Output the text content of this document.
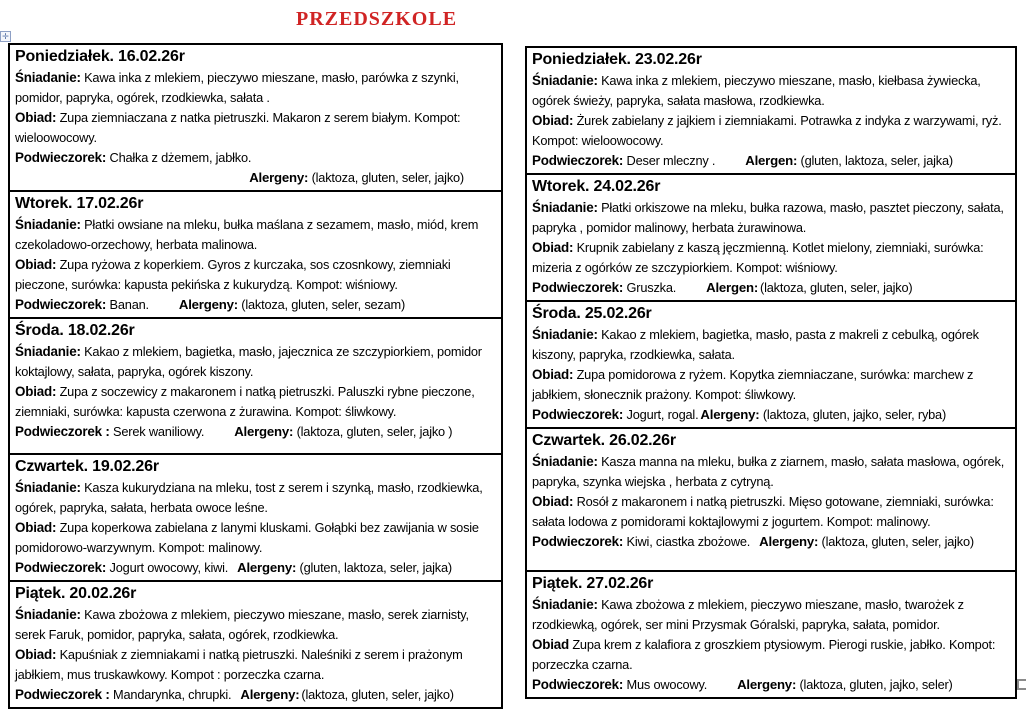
PRZEDSZKOLE
✛
Poniedziałek. 16.02.26r

Śniadanie: Kawa inka z mlekiem, pieczywo mieszane, masło, parówka z szynki, pomidor, papryka, ogórek, rzodkiewka, sałata .

Obiad: Zupa ziemniaczana z natka pietruszki. Makaron z serem białym. Kompot: wieloowocowy.

Podwieczorek: Chałka z dżemem, jabłko.

Alergeny: (laktoza, gluten, seler, jajko)

Wtorek. 17.02.26r

Śniadanie: Płatki owsiane na mleku, bułka maślana z sezamem, masło, miód, krem czekoladowo-orzechowy, herbata malinowa.

Obiad: Zupa ryżowa z koperkiem. Gyros z kurczaka, sos czosnkowy, ziemniaki pieczone, surówka: kapusta pekińska z kukurydzą. Kompot: wiśniowy.

Podwieczorek: Banan. Alergeny: (laktoza, gluten, seler, sezam)

Środa. 18.02.26r

Śniadanie: Kakao z mlekiem, bagietka, masło, jajecznica ze szczypiorkiem, pomidor koktajlowy, sałata, papryka, ogórek kiszony.

Obiad: Zupa z soczewicy z makaronem i natką pietruszki. Paluszki rybne pieczone, ziemniaki, surówka: kapusta czerwona z żurawina. Kompot: śliwkowy.

Podwieczorek : Serek waniliowy. Alergeny: (laktoza, gluten, seler, jajko )

Czwartek. 19.02.26r

Śniadanie: Kasza kukurydziana na mleku, tost z serem i szynką, masło, rzodkiewka, ogórek, papryka, sałata, herbata owoce leśne.

Obiad: Zupa koperkowa zabielana z lanymi kluskami. Gołąbki bez zawijania w sosie pomidorowo-warzywnym. Kompot: malinowy.

Podwieczorek: Jogurt owocowy, kiwi. Alergeny: (gluten, laktoza, seler, jajka)

Piątek. 20.02.26r

Śniadanie: Kawa zbożowa z mlekiem, pieczywo mieszane, masło, serek ziarnisty, serek Faruk, pomidor, papryka, sałata, ogórek, rzodkiewka.

Obiad: Kapuśniak z ziemniakami i natką pietruszki. Naleśniki z serem i prażonym jabłkiem, mus truskawkowy. Kompot : porzeczka czarna.

Podwieczorek : Mandarynka, chrupki. Alergeny: (laktoza, gluten, seler, jajko)

Poniedziałek. 23.02.26r

Śniadanie: Kawa inka z mlekiem, pieczywo mieszane, masło, kiełbasa żywiecka, ogórek świeży, papryka, sałata masłowa, rzodkiewka.

Obiad: Żurek zabielany z jajkiem i ziemniakami. Potrawka z indyka z warzywami, ryż. Kompot: wieloowocowy.

Podwieczorek: Deser mleczny . Alergen: (gluten, laktoza, seler, jajka)

Wtorek. 24.02.26r

Śniadanie: Płatki orkiszowe na mleku, bułka razowa, masło, pasztet pieczony, sałata, papryka , pomidor malinowy, herbata żurawinowa.

Obiad: Krupnik zabielany z kaszą jęczmienną. Kotlet mielony, ziemniaki, surówka: mizeria z ogórków ze szczypiorkiem. Kompot: wiśniowy.

Podwieczorek: Gruszka. Alergen: (laktoza, gluten, seler, jajko)

Środa. 25.02.26r

Śniadanie: Kakao z mlekiem, bagietka, masło, pasta z makreli z cebulką, ogórek kiszony, papryka, rzodkiewka, sałata.

Obiad: Zupa pomidorowa z ryżem. Kopytka ziemniaczane, surówka: marchew z jabłkiem, słonecznik prażony. Kompot: śliwkowy.

Podwieczorek: Jogurt, rogal. Alergeny: (laktoza, gluten, jajko, seler, ryba)

Czwartek. 26.02.26r

Śniadanie: Kasza manna na mleku, bułka z ziarnem, masło, sałata masłowa, ogórek, papryka, szynka wiejska , herbata z cytryną.

Obiad: Rosół z makaronem i natką pietruszki. Mięso gotowane, ziemniaki, surówka: sałata lodowa z pomidorami koktajlowymi z jogurtem. Kompot: malinowy.

Podwieczorek: Kiwi, ciastka zbożowe. Alergeny: (laktoza, gluten, seler, jajko)

Piątek. 27.02.26r

Śniadanie: Kawa zbożowa z mlekiem, pieczywo mieszane, masło, twarożek z rzodkiewką, ogórek, ser mini Przysmak Góralski, papryka, sałata, pomidor.

Obiad Zupa krem z kalafiora z groszkiem ptysiowym. Pierogi ruskie, jabłko. Kompot: porzeczka czarna.

Podwieczorek: Mus owocowy. Alergeny: (laktoza, gluten, jajko, seler)
